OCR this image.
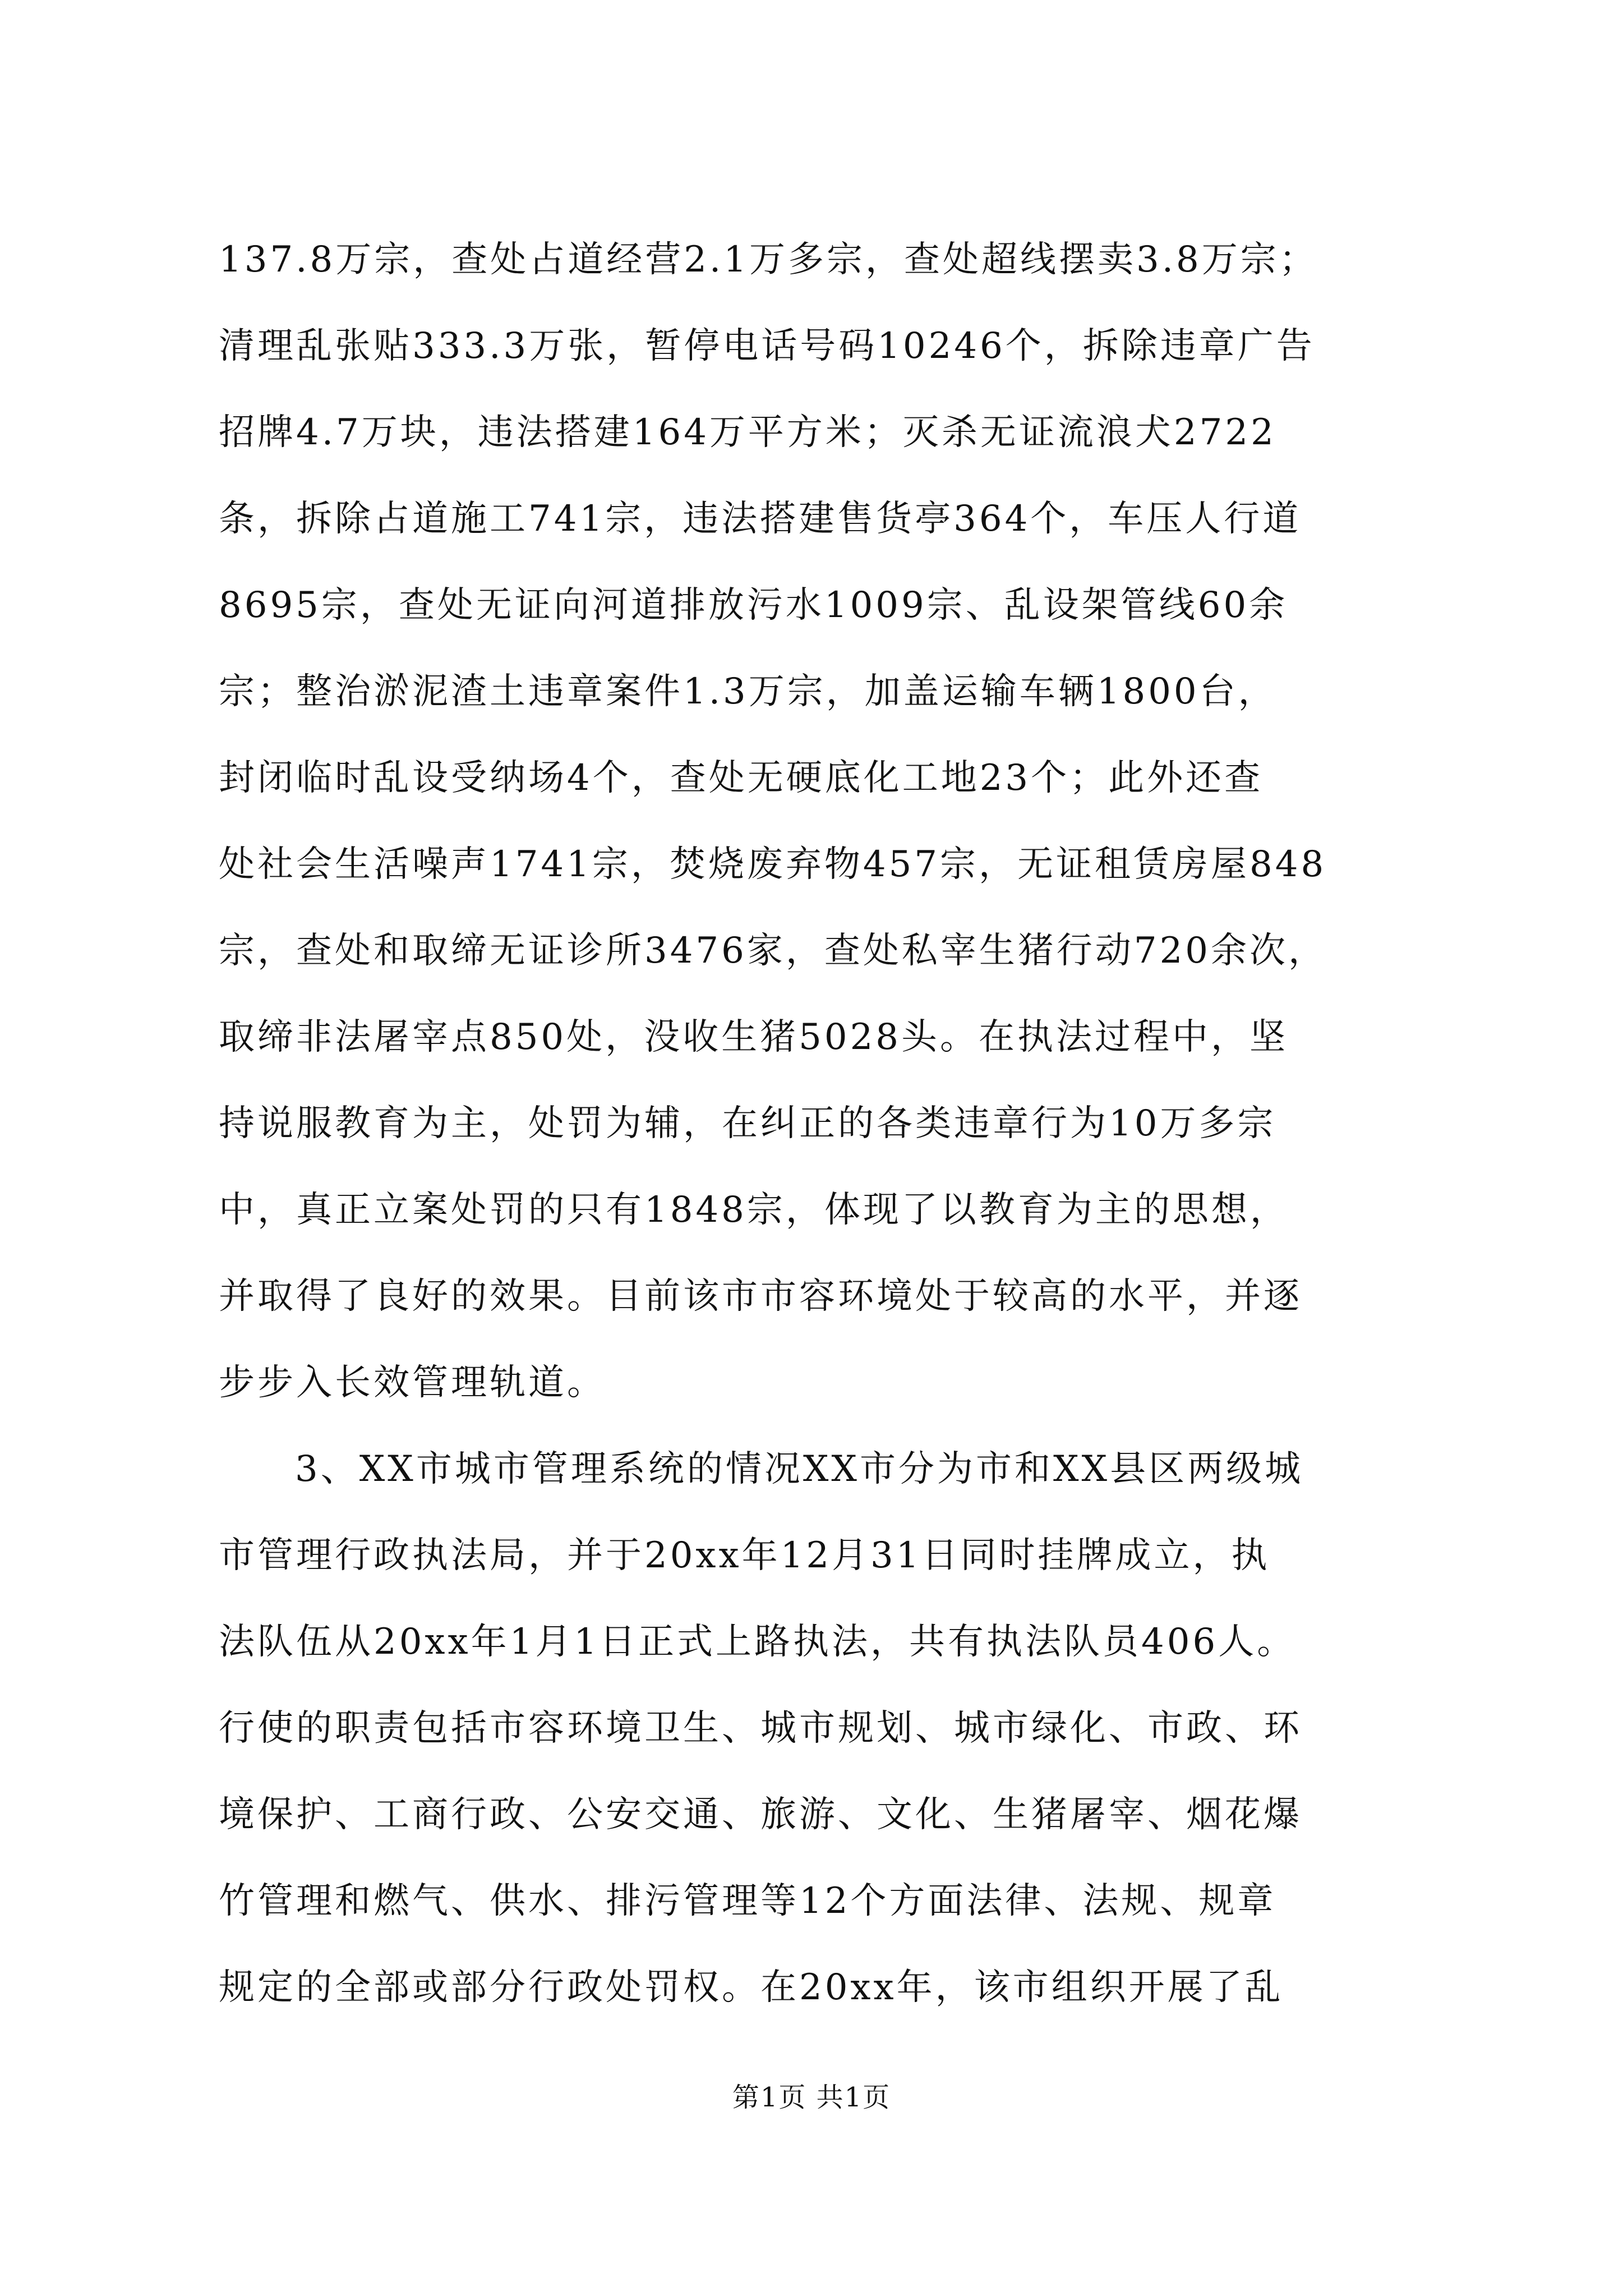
137.8万宗，查处占道经营2.1万多宗，查处超线摆卖3.8万宗；
清理乱张贴333.3万张，暂停电话号码10246个，拆除违章广告
招牌4.7万块，违法搭建164万平方米；灭杀无证流浪犬2722
条，拆除占道施工741宗，违法搭建售货亭364个，车压人行道
8695宗，查处无证向河道排放污水1009宗、乱设架管线60余
宗；整治淤泥渣土违章案件1.3万宗，加盖运输车辆1800台，
封闭临时乱设受纳场4个，查处无硬底化工地23个；此外还查
处社会生活噪声1741宗，焚烧废弃物457宗，无证租赁房屋848
宗，查处和取缔无证诊所3476家，查处私宰生猪行动720余次，
取缔非法屠宰点850处，没收生猪5028头。在执法过程中，坚
持说服教育为主，处罚为辅，在纠正的各类违章行为10万多宗
中，真正立案处罚的只有1848宗，体现了以教育为主的思想，
并取得了良好的效果。目前该市市容环境处于较高的水平，并逐
步步入长效管理轨道。
3、XX市城市管理系统的情况XX市分为市和XX县区两级城
市管理行政执法局，并于20xx年12月31日同时挂牌成立，执
法队伍从20xx年1月1日正式上路执法，共有执法队员406人。
行使的职责包括市容环境卫生、城市规划、城市绿化、市政、环
境保护、工商行政、公安交通、旅游、文化、生猪屠宰、烟花爆
竹管理和燃气、供水、排污管理等12个方面法律、法规、规章
规定的全部或部分行政处罚权。在20xx年，该市组织开展了乱
第1页 共1页
